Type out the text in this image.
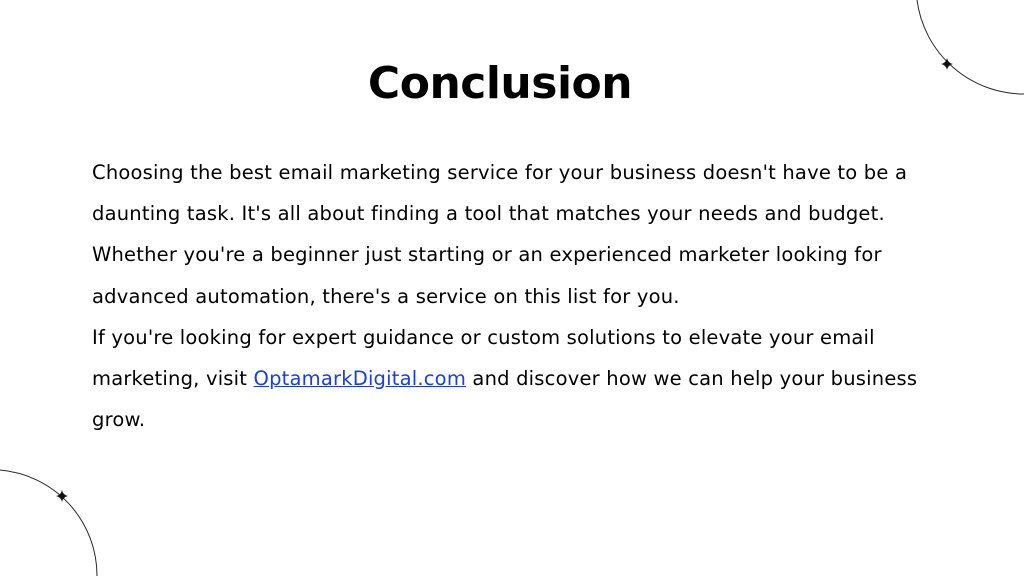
Conclusion

Choosing the best email marketing service for your business doesn't have to be a daunting task. It's all about finding a tool that matches your needs and budget. Whether you're a beginner just starting or an experienced marketer looking for advanced automation, there's a service on this list for you.

If you're looking for expert guidance or custom solutions to elevate your email marketing, visit OptamarkDigital.com and discover how we can help your business grow.
